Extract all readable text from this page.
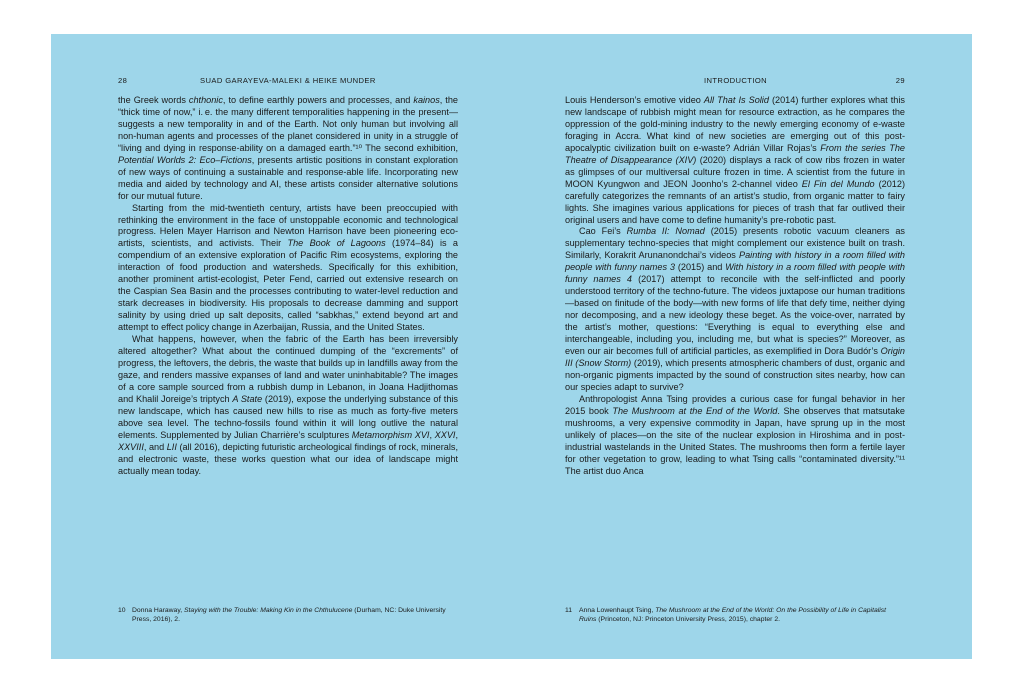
28	SUAD GARAYEVA-MALEKI & HEIKE MUNDER

the Greek words chthonic, to define earthly powers and processes, and kainos, the “thick time of now,” i. e. the many different temporalities happening in the present—suggests a new temporality in and of the Earth. Not only human but involving all non-human agents and processes of the planet considered in unity in a struggle of “living and dying in response-ability on a damaged earth.”¹⁰ The second exhibition, Potential Worlds 2: Eco–Fictions, presents artistic positions in constant exploration of new ways of continuing a sustainable and response-able life. Incorporating new media and aided by technology and AI, these artists consider alternative solutions for our mutual future.

Starting from the mid-twentieth century, artists have been preoccupied with rethinking the environment in the face of unstoppable economic and technological progress. Helen Mayer Harrison and Newton Harrison have been pioneering eco-artists, scientists, and activists. Their The Book of Lagoons (1974–84) is a compendium of an extensive exploration of Pacific Rim ecosystems, exploring the interaction of food production and watersheds. Specifically for this exhibition, another prominent artist-ecologist, Peter Fend, carried out extensive research on the Caspian Sea Basin and the processes contributing to water-level reduction and stark decreases in biodiversity. His proposals to decrease damming and support salinity by using dried up salt deposits, called “sabkhas,” extend beyond art and attempt to effect policy change in Azerbaijan, Russia, and the United States.

What happens, however, when the fabric of the Earth has been irreversibly altered altogether? What about the continued dumping of the “excrements” of progress, the leftovers, the debris, the waste that builds up in landfills away from the gaze, and renders massive expanses of land and water uninhabitable? The images of a core sample sourced from a rubbish dump in Lebanon, in Joana Hadjithomas and Khalil Joreige’s triptych A State (2019), expose the underlying substance of this new landscape, which has caused new hills to rise as much as forty-five meters above sea level. The techno-fossils found within it will long outlive the natural elements. Supplemented by Julian Charrière’s sculptures Metamorphism XVI, XXVI, XXVIII, and LII (all 2016), depicting futuristic archeological findings of rock, minerals, and electronic waste, these works question what our idea of landscape might actually mean today.

10 Donna Haraway, Staying with the Trouble: Making Kin in the Chthulucene (Durham, NC: Duke University Press, 2016), 2.
INTRODUCTION	29

Louis Henderson’s emotive video All That Is Solid (2014) further explores what this new landscape of rubbish might mean for resource extraction, as he compares the oppression of the gold-mining industry to the newly emerging economy of e-waste foraging in Accra. What kind of new societies are emerging out of this post-apocalyptic civilization built on e-waste? Adrián Villar Rojas’s From the series The Theatre of Disappearance (XIV) (2020) displays a rack of cow ribs frozen in water as glimpses of our multiversal culture frozen in time. A scientist from the future in MOON Kyungwon and JEON Joonho’s 2-channel video El Fin del Mundo (2012) carefully categorizes the remnants of an artist’s studio, from organic matter to fairy lights. She imagines various applications for pieces of trash that far outlived their original users and have come to define humanity’s pre-robotic past.

Cao Fei’s Rumba II: Nomad (2015) presents robotic vacuum cleaners as supplementary techno-species that might complement our existence built on trash. Similarly, Korakrit Arunanondchai’s videos Painting with history in a room filled with people with funny names 3 (2015) and With history in a room filled with people with funny names 4 (2017) attempt to reconcile with the self-inflicted and poorly understood territory of the techno-future. The videos juxtapose our human traditions—based on finitude of the body—with new forms of life that defy time, neither dying nor decomposing, and a new ideology these beget. As the voice-over, narrated by the artist’s mother, questions: “Everything is equal to everything else and interchangeable, including you, including me, but what is species?” Moreover, as even our air becomes full of artificial particles, as exemplified in Dora Budór’s Origin III (Snow Storm) (2019), which presents atmospheric chambers of dust, organic and non-organic pigments impacted by the sound of construction sites nearby, how can our species adapt to survive?

Anthropologist Anna Tsing provides a curious case for fungal behavior in her 2015 book The Mushroom at the End of the World. She observes that matsutake mushrooms, a very expensive commodity in Japan, have sprung up in the most unlikely of places—on the site of the nuclear explosion in Hiroshima and in post-industrial wastelands in the United States. The mushrooms then form a fertile layer for other vegetation to grow, leading to what Tsing calls “contaminated diversity.”¹¹ The artist duo Anca

11 Anna Lowenhaupt Tsing, The Mushroom at the End of the World: On the Possibility of Life in Capitalist Ruins (Princeton, NJ: Princeton University Press, 2015), chapter 2.
